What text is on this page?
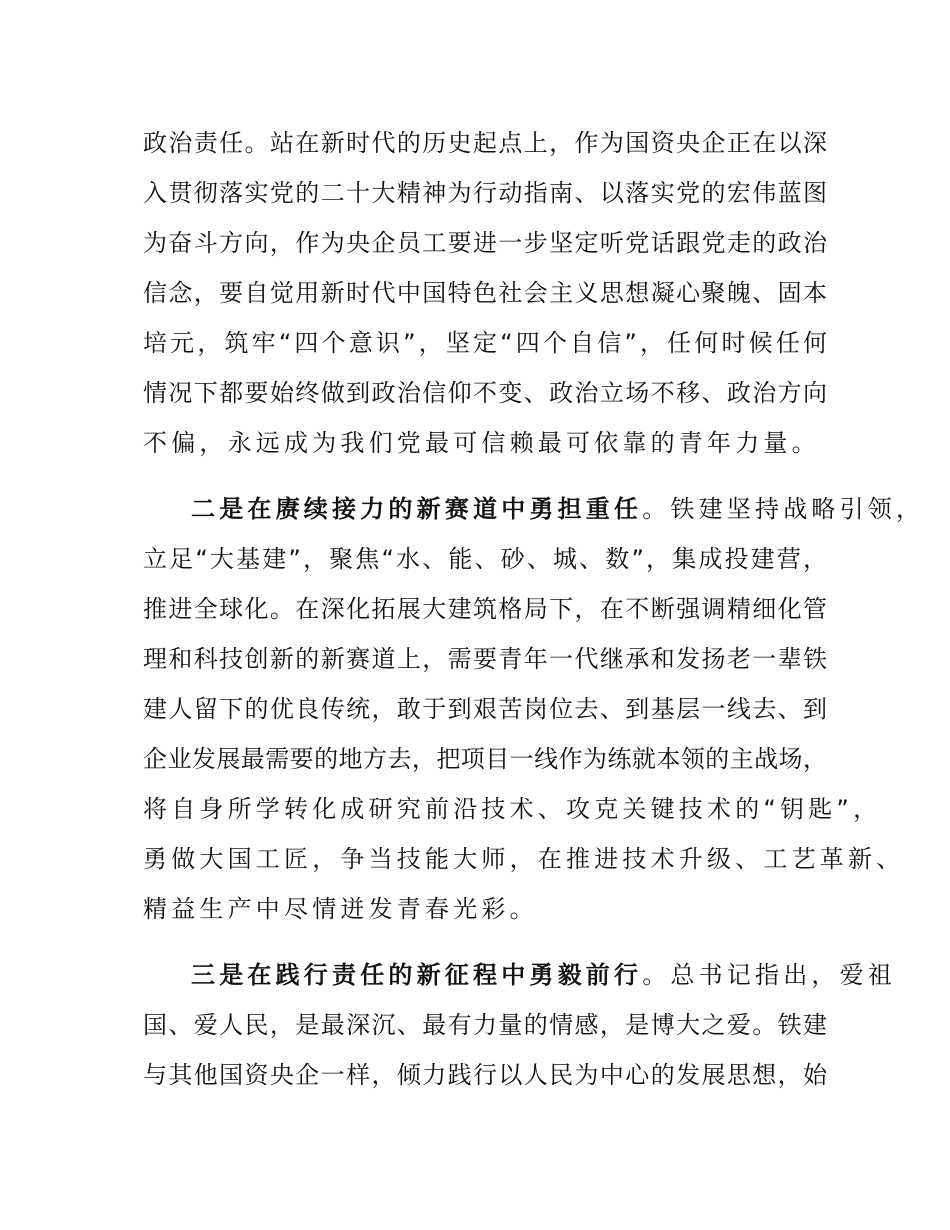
政治责任。站在新时代的历史起点上，作为国资央企正在以深
入贯彻落实党的二十大精神为行动指南、以落实党的宏伟蓝图
为奋斗方向，作为央企员工要进一步坚定听党话跟党走的政治
信念，要自觉用新时代中国特色社会主义思想凝心聚魄、固本
培元，筑牢“四个意识”，坚定“四个自信”，任何时候任何
情况下都要始终做到政治信仰不变、政治立场不移、政治方向
不偏，永远成为我们党最可信赖最可依靠的青年力量。
二是在赓续接力的新赛道中勇担重任 。铁建坚持战略引领，
立足“大基建”，聚焦“水、能、砂、城、数”，集成投建营，
推进全球化。在深化拓展大建筑格局下，在不断强调精细化管
理和科技创新的新赛道上，需要青年一代继承和发扬老一辈铁
建人留下的优良传统，敢于到艰苦岗位去、到基层一线去、到
企业发展最需要的地方去，把项目一线作为练就本领的主战场，
将自身所学转化成研究前沿技术、攻克关键技术的“钥匙”，
勇做大国工匠，争当技能大师，在推进技术升级、工艺革新、
精益生产中尽情迸发青春光彩。
三是在践行责任的新征程中勇毅前行 。总书记指出，爱祖
国、爱人民，是最深沉、最有力量的情感，是博大之爱。铁建
与其他国资央企一样，倾力践行以人民为中心的发展思想，始
